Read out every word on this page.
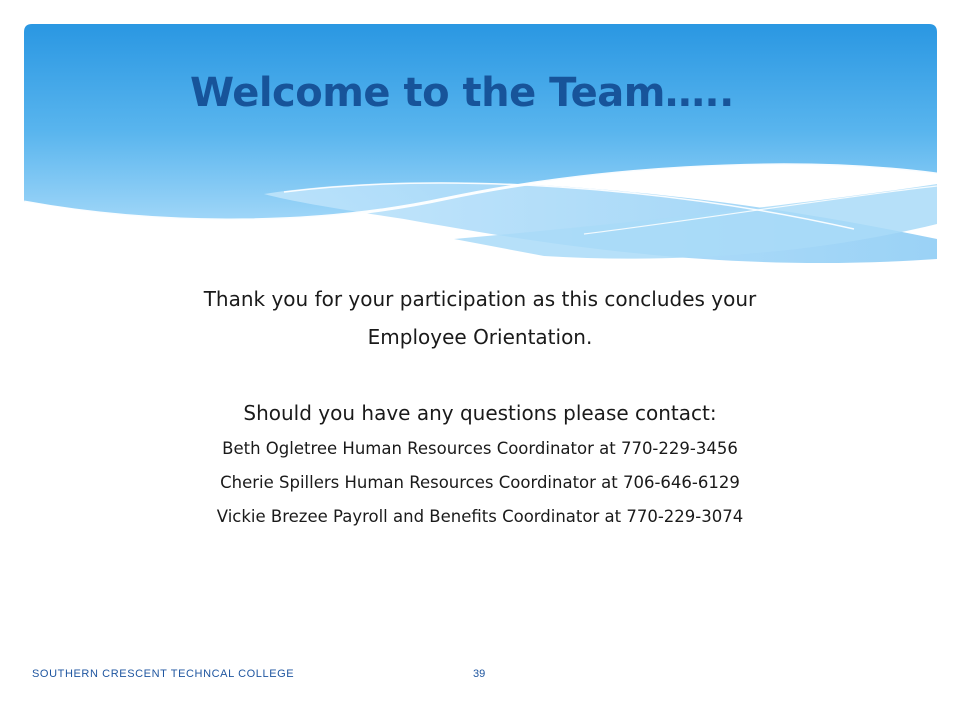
Welcome to the Team…..

Thank you for your participation as this concludes your

Employee Orientation.

Should you have any questions please contact:

Beth Ogletree Human Resources Coordinator at 770-229-3456

Cherie Spillers Human Resources Coordinator at 706-646-6129

Vickie Brezee Payroll and Benefits Coordinator at 770-229-3074

SOUTHERN CRESCENT TECHNCAL COLLEGE	39
